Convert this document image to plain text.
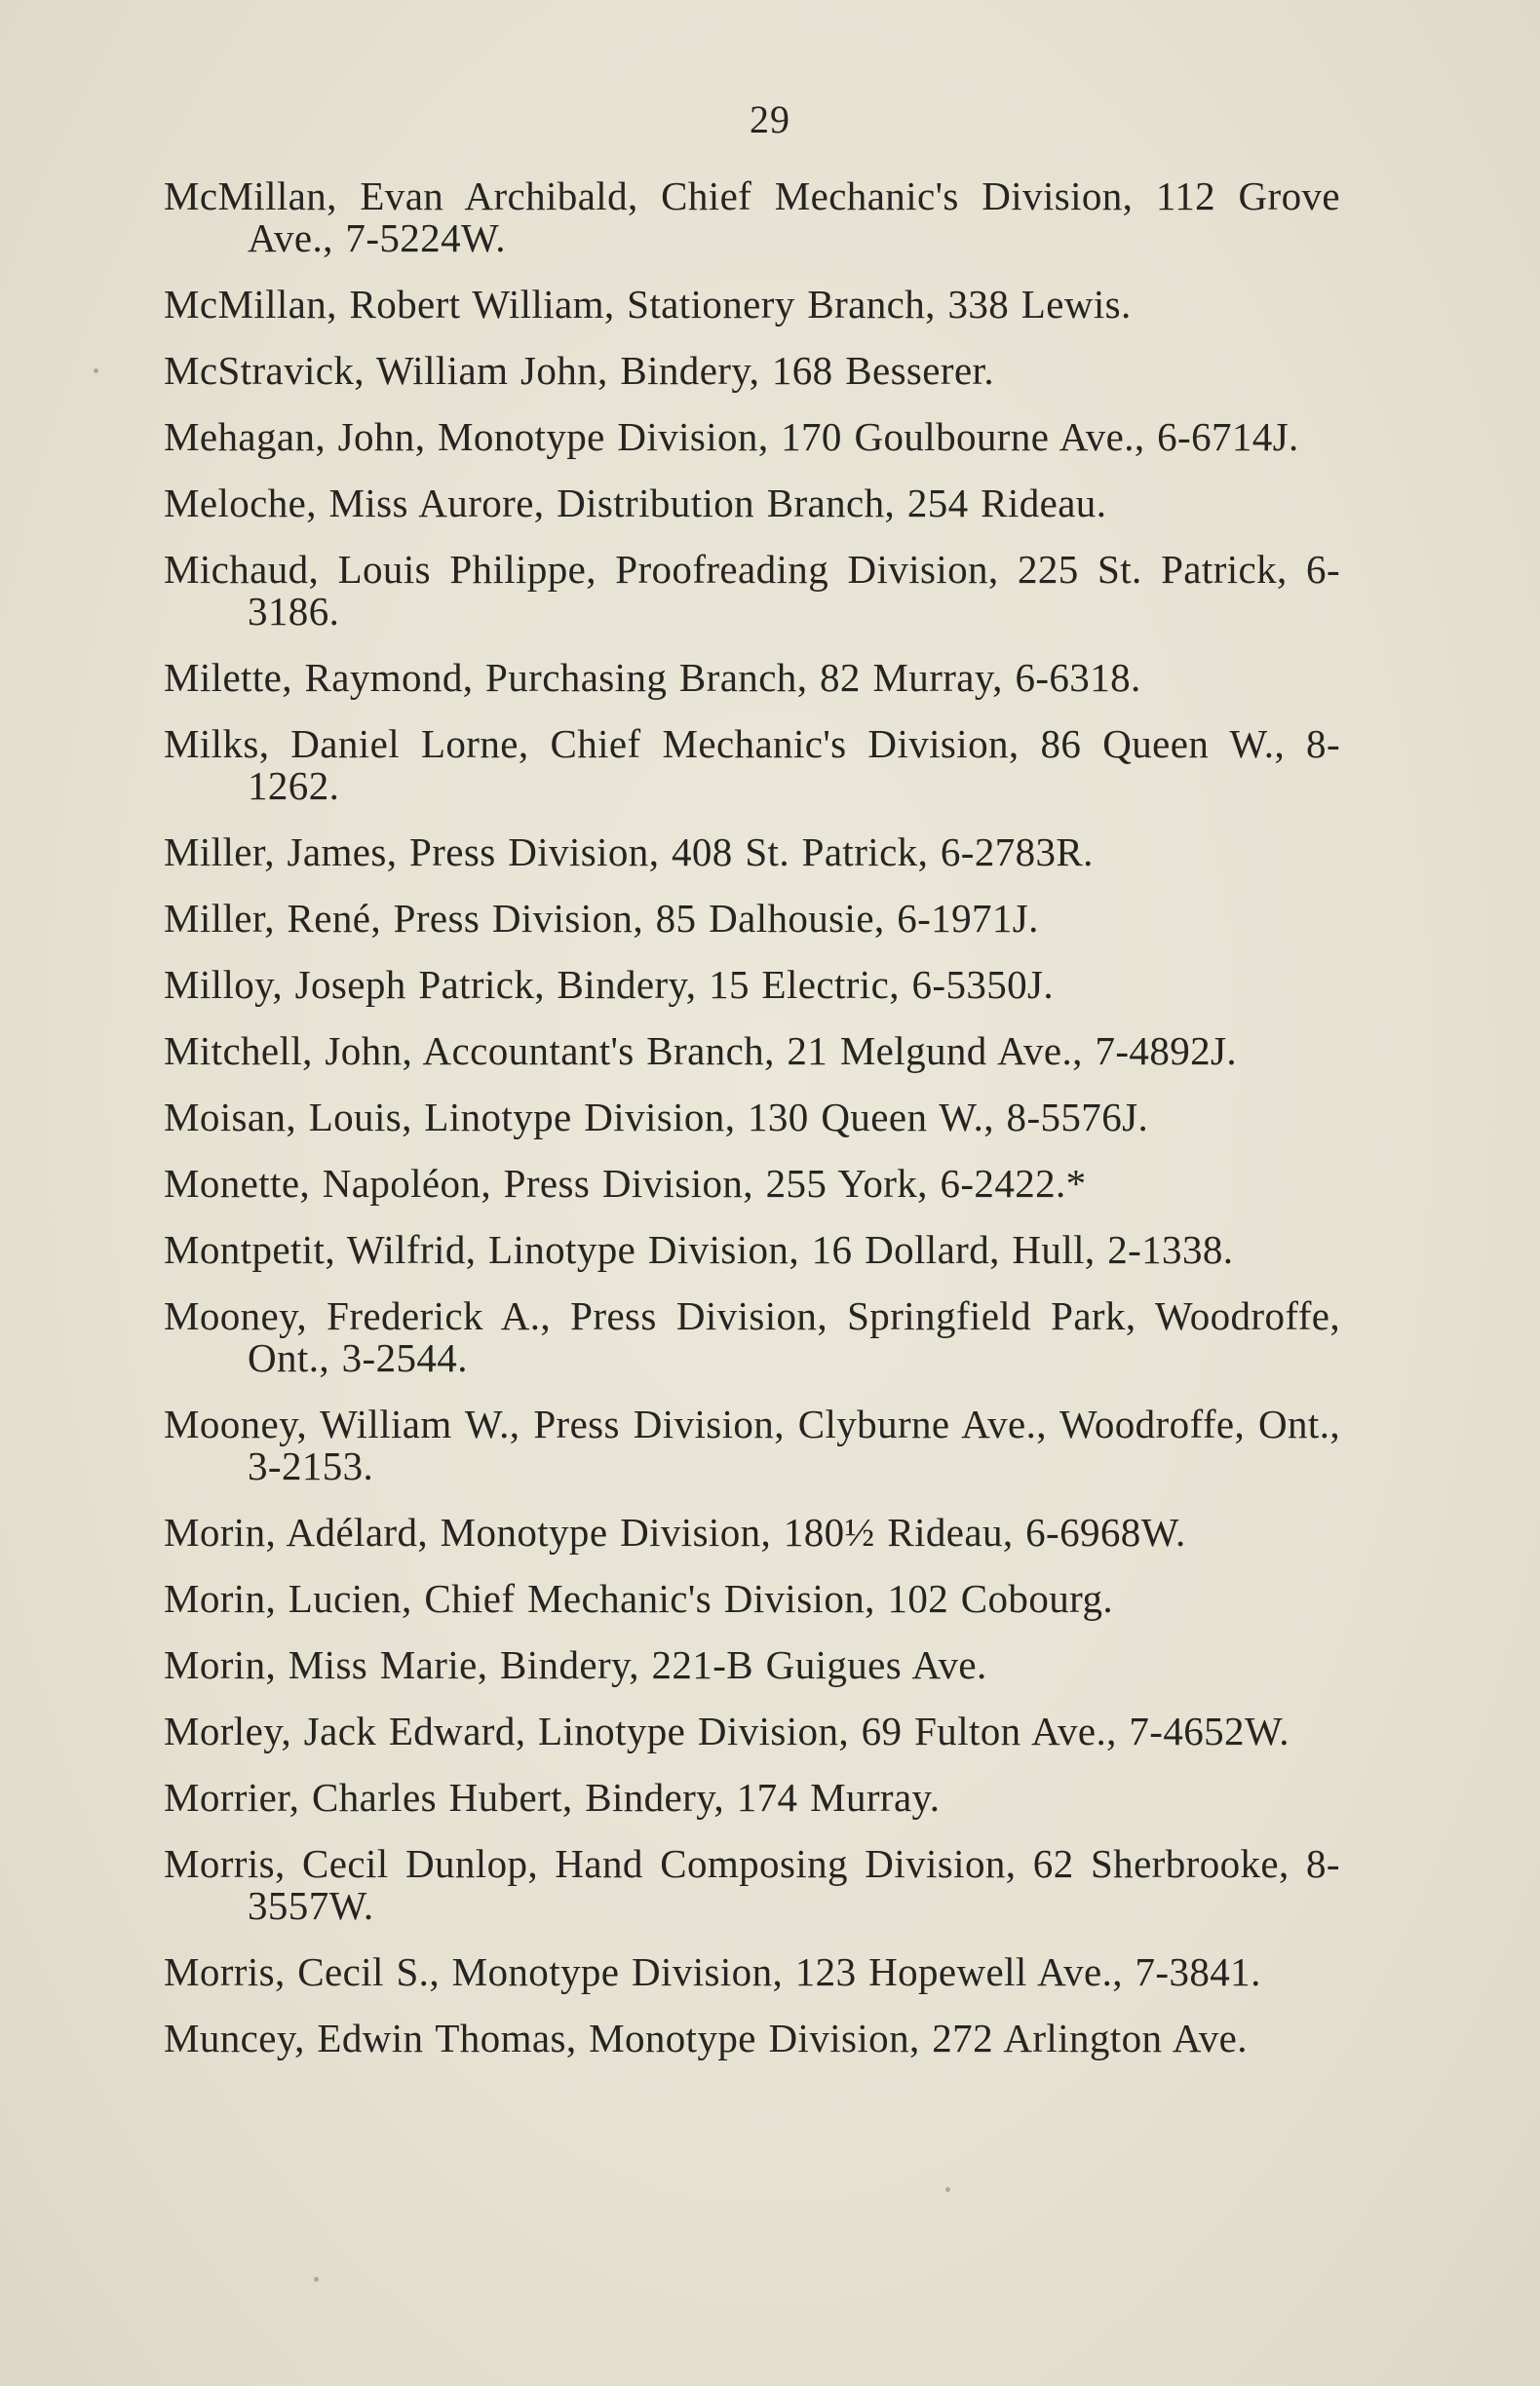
29
McMillan, Evan Archibald, Chief Mechanic's Division, 112 Grove Ave., 7-5224W.
McMillan, Robert William, Stationery Branch, 338 Lewis.
McStravick, William John, Bindery, 168 Besserer.
Mehagan, John, Monotype Division, 170 Goulbourne Ave., 6-6714J.
Meloche, Miss Aurore, Distribution Branch, 254 Rideau.
Michaud, Louis Philippe, Proofreading Division, 225 St. Patrick, 6-3186.
Milette, Raymond, Purchasing Branch, 82 Murray, 6-6318.
Milks, Daniel Lorne, Chief Mechanic's Division, 86 Queen W., 8-1262.
Miller, James, Press Division, 408 St. Patrick, 6-2783R.
Miller, René, Press Division, 85 Dalhousie, 6-1971J.
Milloy, Joseph Patrick, Bindery, 15 Electric, 6-5350J.
Mitchell, John, Accountant's Branch, 21 Melgund Ave., 7-4892J.
Moisan, Louis, Linotype Division, 130 Queen W., 8-5576J.
Monette, Napoléon, Press Division, 255 York, 6-2422.*
Montpetit, Wilfrid, Linotype Division, 16 Dollard, Hull, 2-1338.
Mooney, Frederick A., Press Division, Springfield Park, Woodroffe, Ont., 3-2544.
Mooney, William W., Press Division, Clyburne Ave., Woodroffe, Ont., 3-2153.
Morin, Adélard, Monotype Division, 180½ Rideau, 6-6968W.
Morin, Lucien, Chief Mechanic's Division, 102 Cobourg.
Morin, Miss Marie, Bindery, 221-B Guigues Ave.
Morley, Jack Edward, Linotype Division, 69 Fulton Ave., 7-4652W.
Morrier, Charles Hubert, Bindery, 174 Murray.
Morris, Cecil Dunlop, Hand Composing Division, 62 Sherbrooke, 8-3557W.
Morris, Cecil S., Monotype Division, 123 Hopewell Ave., 7-3841.
Muncey, Edwin Thomas, Monotype Division, 272 Arlington Ave.
